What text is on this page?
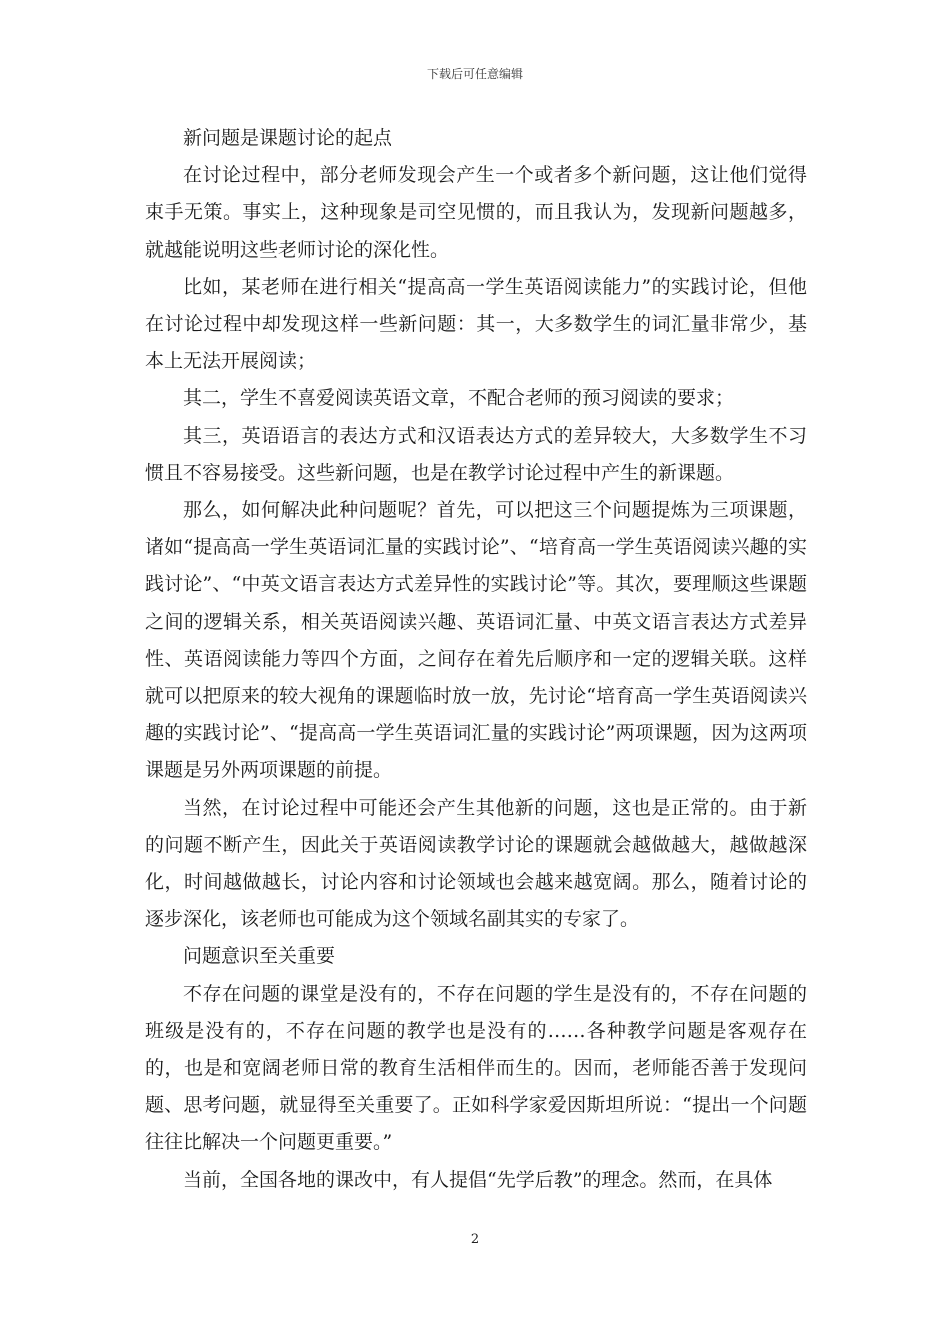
下载后可任意编辑

新问题是课题讨论的起点

在讨论过程中，部分老师发现会产生一个或者多个新问题，这让他们觉得束手无策。事实上，这种现象是司空见惯的，而且我认为，发现新问题越多，就越能说明这些老师讨论的深化性。

比如，某老师在进行相关“提高高一学生英语阅读能力”的实践讨论，但他在讨论过程中却发现这样一些新问题：其一，大多数学生的词汇量非常少，基本上无法开展阅读；

其二，学生不喜爱阅读英语文章，不配合老师的预习阅读的要求；

其三，英语语言的表达方式和汉语表达方式的差异较大，大多数学生不习惯且不容易接受。这些新问题，也是在教学讨论过程中产生的新课题。

那么，如何解决此种问题呢？首先，可以把这三个问题提炼为三项课题，诸如“提高高一学生英语词汇量的实践讨论”、“培育高一学生英语阅读兴趣的实践讨论”、“中英文语言表达方式差异性的实践讨论”等。其次，要理顺这些课题之间的逻辑关系，相关英语阅读兴趣、英语词汇量、中英文语言表达方式差异性、英语阅读能力等四个方面，之间存在着先后顺序和一定的逻辑关联。这样就可以把原来的较大视角的课题临时放一放，先讨论“培育高一学生英语阅读兴趣的实践讨论”、“提高高一学生英语词汇量的实践讨论”两项课题，因为这两项课题是另外两项课题的前提。

当然，在讨论过程中可能还会产生其他新的问题，这也是正常的。由于新的问题不断产生，因此关于英语阅读教学讨论的课题就会越做越大，越做越深化，时间越做越长，讨论内容和讨论领域也会越来越宽阔。那么，随着讨论的逐步深化，该老师也可能成为这个领域名副其实的专家了。

问题意识至关重要

不存在问题的课堂是没有的，不存在问题的学生是没有的，不存在问题的班级是没有的，不存在问题的教学也是没有的……各种教学问题是客观存在的，也是和宽阔老师日常的教育生活相伴而生的。因而，老师能否善于发现问题、思考问题，就显得至关重要了。正如科学家爱因斯坦所说：“提出一个问题往往比解决一个问题更重要。”

当前，全国各地的课改中，有人提倡“先学后教”的理念。然而，在具体

2
